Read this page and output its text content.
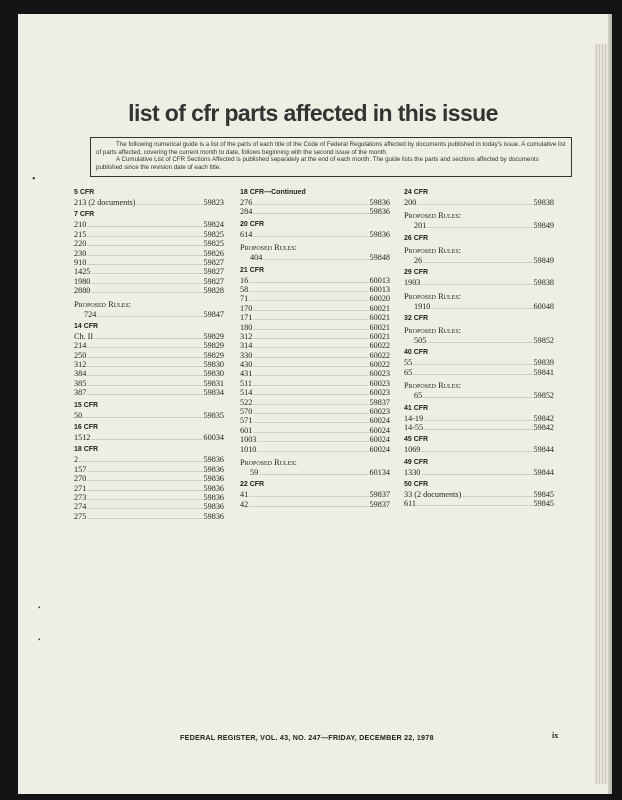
list of cfr parts affected in this issue

The following numerical guide is a list of the parts of each title of the Code of Federal Regulations affected by documents published in today's issue. A cumulative list of parts affected, covering the current month to date, follows beginning with the second issue of the month.

A Cumulative List of CFR Sections Affected is published separately at the end of each month. The guide lists the parts and sections affected by documents published since the revision date of each title.

5 CFR
213 (2 documents) .....	59823
7 CFR
210 .....	59824
215 .....	59825
220 .....	59825
230 .....	59826
910 .....	59827
1425 .....	59827
1980 .....	59827
2880 .....	59828
Proposed Rules:
724 .....	59847
14 CFR
Ch. II .....	59829
214 .....	59829
250 .....	59829
312 .....	59830
384 .....	59830
385 .....	59831
387 .....	59834
15 CFR
50 .....	59835
16 CFR
1512 .....	60034
18 CFR
2 .....	59836
157 .....	59836
270 .....	59836
271 .....	59836
273 .....	59836
274 .....	59836
275 .....	59836
18 CFR—Continued
276 .....	59836
284 .....	59836
20 CFR
614 .....	59836
Proposed Rules:
404 .....	59848
21 CFR
16 .....	60013
58 .....	60013
71 .....	60020
170 .....	60021
171 .....	60021
180 .....	60021
312 .....	60021
314 .....	60022
330 .....	60022
430 .....	60022
431 .....	60023
511 .....	60023
514 .....	60023
522 .....	59837
570 .....	60023
571 .....	60024
601 .....	60024
1003 .....	60024
1010 .....	60024
Proposed Rules:
59 .....	60134
22 CFR
41 .....	59837
42 .....	59837
24 CFR
200 .....	59838
Proposed Rules:
201 .....	59849
26 CFR
Proposed Rules:
26 .....	59849
29 CFR
1903 .....	59838
Proposed Rules:
1910 .....	60048
32 CFR
Proposed Rules:
505 .....	59852
40 CFR
55 .....	59839
65 .....	59841
Proposed Rules:
65 .....	59852
41 CFR
14-19 .....	59842
14-55 .....	59842
45 CFR
1069 .....	59844
49 CFR
1330 .....	59844
50 CFR
33 (2 documents) .....	59845
611 .....	59845
FEDERAL REGISTER, VOL. 43, NO. 247—FRIDAY, DECEMBER 22, 1978	ix
•
•
•
